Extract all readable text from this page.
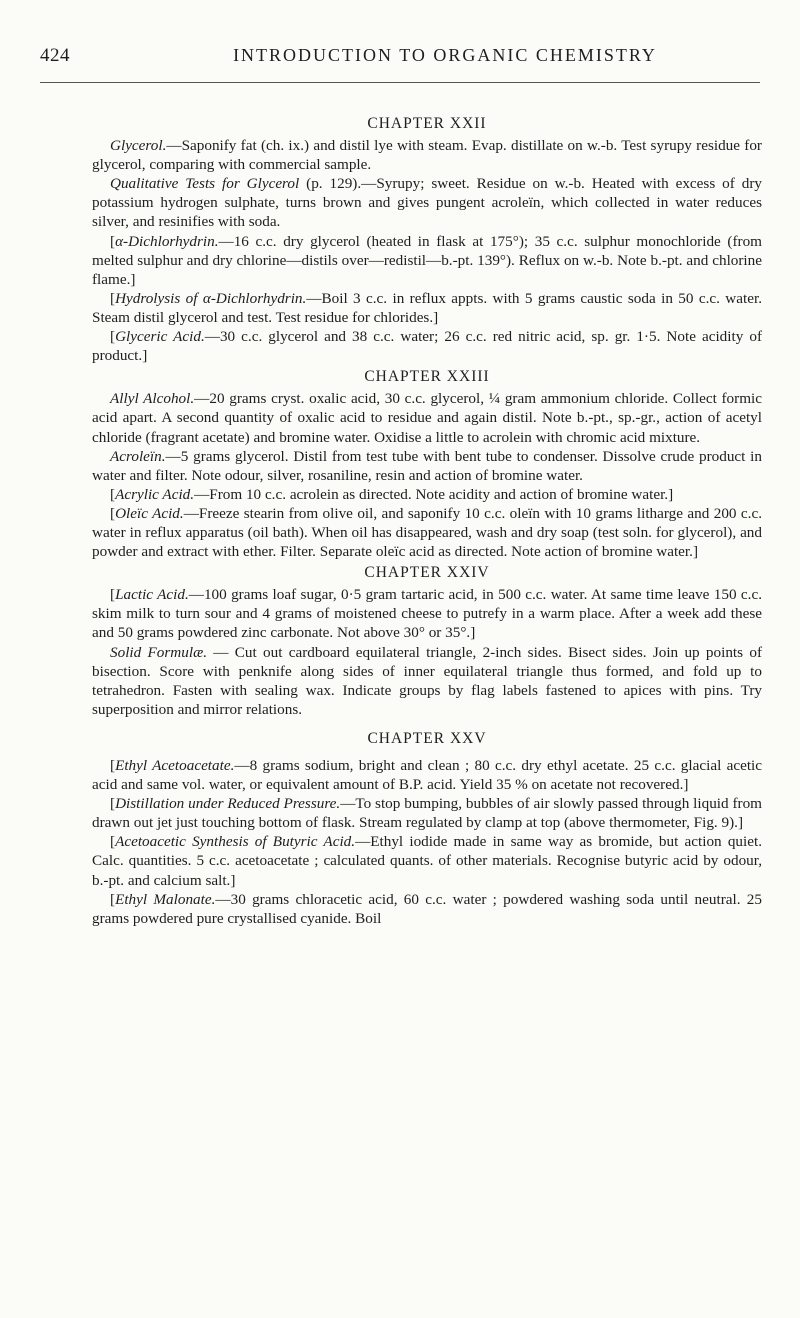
424	INTRODUCTION TO ORGANIC CHEMISTRY
CHAPTER XXII

Glycerol.—Saponify fat (ch. ix.) and distil lye with steam. Evap. distillate on w.-b. Test syrupy residue for glycerol, comparing with commercial sample.

Qualitative Tests for Glycerol (p. 129).—Syrupy; sweet. Residue on w.-b. Heated with excess of dry potassium hydrogen sulphate, turns brown and gives pungent acroleïn, which collected in water reduces silver, and resinifies with soda.

[α-Dichlorhydrin.—16 c.c. dry glycerol (heated in flask at 175°); 35 c.c. sulphur monochloride (from melted sulphur and dry chlorine—distils over—redistil—b.-pt. 139°). Reflux on w.-b. Note b.-pt. and chlorine flame.]

[Hydrolysis of α-Dichlorhydrin.—Boil 3 c.c. in reflux appts. with 5 grams caustic soda in 50 c.c. water. Steam distil glycerol and test. Test residue for chlorides.]

[Glyceric Acid.—30 c.c. glycerol and 38 c.c. water; 26 c.c. red nitric acid, sp. gr. 1·5. Note acidity of product.]

CHAPTER XXIII

Allyl Alcohol.—20 grams cryst. oxalic acid, 30 c.c. glycerol, ¼ gram ammonium chloride. Collect formic acid apart. A second quantity of oxalic acid to residue and again distil. Note b.-pt., sp.-gr., action of acetyl chloride (fragrant acetate) and bromine water. Oxidise a little to acrolein with chromic acid mixture.

Acroleïn.—5 grams glycerol. Distil from test tube with bent tube to condenser. Dissolve crude product in water and filter. Note odour, silver, rosaniline, resin and action of bromine water.

[Acrylic Acid.—From 10 c.c. acrolein as directed. Note acidity and action of bromine water.]

[Oleïc Acid.—Freeze stearin from olive oil, and saponify 10 c.c. oleïn with 10 grams litharge and 200 c.c. water in reflux apparatus (oil bath). When oil has disappeared, wash and dry soap (test soln. for glycerol), and powder and extract with ether. Filter. Separate oleïc acid as directed. Note action of bromine water.]

CHAPTER XXIV

[Lactic Acid.—100 grams loaf sugar, 0·5 gram tartaric acid, in 500 c.c. water. At same time leave 150 c.c. skim milk to turn sour and 4 grams of moistened cheese to putrefy in a warm place. After a week add these and 50 grams powdered zinc carbonate. Not above 30° or 35°.]

Solid Formulæ. — Cut out cardboard equilateral triangle, 2-inch sides. Bisect sides. Join up points of bisection. Score with penknife along sides of inner equilateral triangle thus formed, and fold up to tetrahedron. Fasten with sealing wax. Indicate groups by flag labels fastened to apices with pins. Try superposition and mirror relations.

CHAPTER XXV

[Ethyl Acetoacetate.—8 grams sodium, bright and clean ; 80 c.c. dry ethyl acetate. 25 c.c. glacial acetic acid and same vol. water, or equivalent amount of B.P. acid. Yield 35 % on acetate not recovered.]

[Distillation under Reduced Pressure.—To stop bumping, bubbles of air slowly passed through liquid from drawn out jet just touching bottom of flask. Stream regulated by clamp at top (above thermometer, Fig. 9).]

[Acetoacetic Synthesis of Butyric Acid.—Ethyl iodide made in same way as bromide, but action quiet. Calc. quantities. 5 c.c. acetoacetate ; calculated quants. of other materials. Recognise butyric acid by odour, b.-pt. and calcium salt.]

[Ethyl Malonate.—30 grams chloracetic acid, 60 c.c. water ; powdered washing soda until neutral. 25 grams powdered pure crystallised cyanide. Boil
